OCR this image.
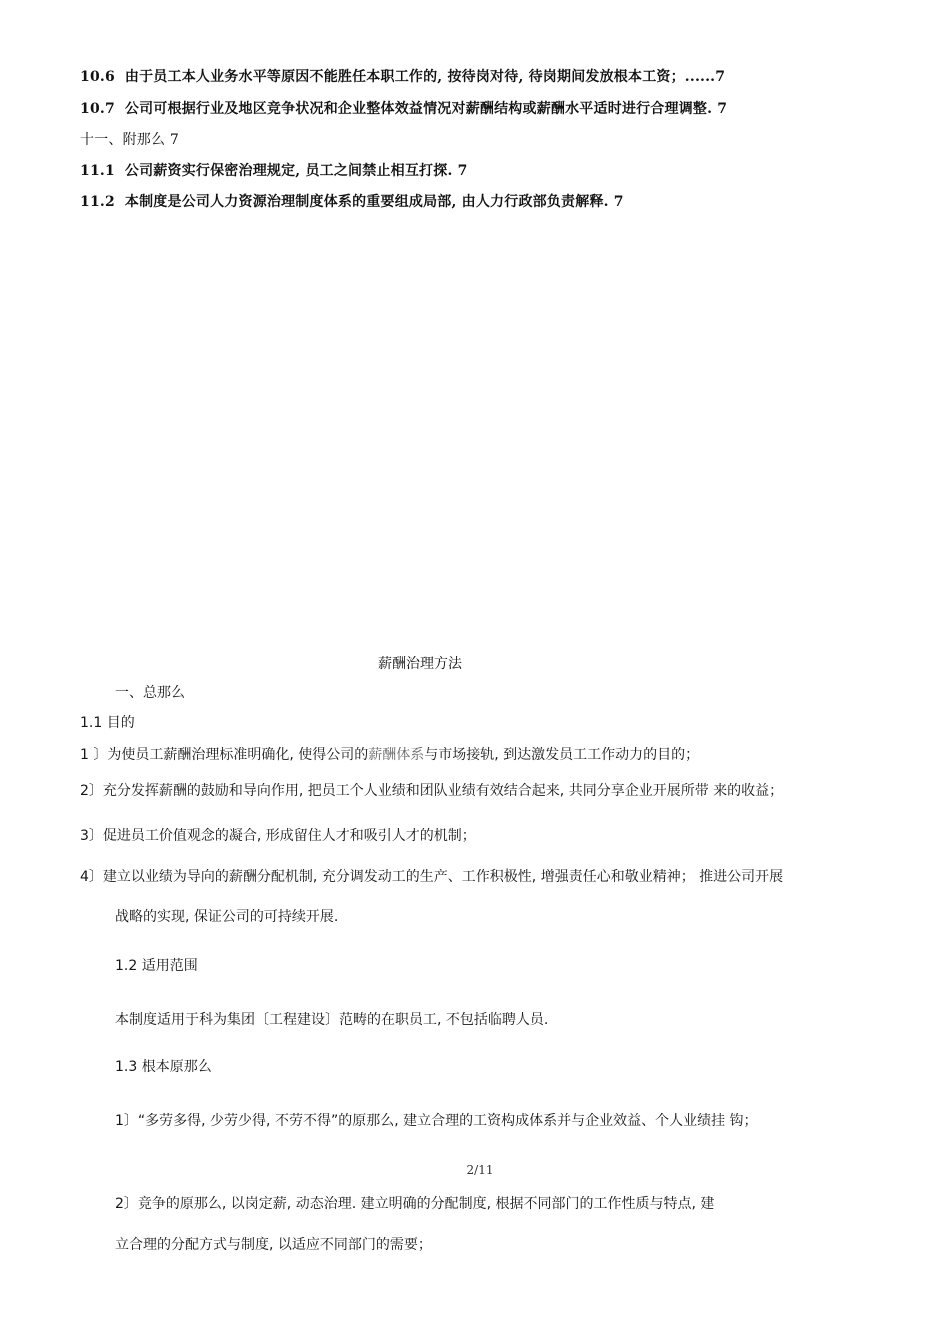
10.6 由于员工本人业务水平等原因不能胜任本职工作的, 按待岗对待, 待岗期间发放根本工资；......7
10.7 公司可根据行业及地区竞争状况和企业整体效益情况对薪酬结构或薪酬水平适时进行合理调整. 7
十一、附那么 7
11.1 公司薪资实行保密治理规定, 员工之间禁止相互打探. 7
11.2 本制度是公司人力资源治理制度体系的重要组成局部, 由人力行政部负责解释. 7
薪酬治理方法
一、总那么
1.1 目的
1 〕为使员工薪酬治理标准明确化, 使得公司的薪酬体系与市场接轨, 到达激发员工工作动力的目的；
2〕充分发挥薪酬的鼓励和导向作用, 把员工个人业绩和团队业绩有效结合起来, 共同分享企业开展所带 来的收益；
3〕促进员工价值观念的凝合, 形成留住人才和吸引人才的机制；
4〕建立以业绩为导向的薪酬分配机制, 充分调发动工的生产、工作积极性, 增强责任心和敬业精神； 推进公司开展
战略的实现, 保证公司的可持续开展.
1.2 适用范围
本制度适用于科为集团〔工程建设〕范畴的在职员工, 不包括临聘人员.
1.3 根本原那么
1〕“多劳多得, 少劳少得, 不劳不得”的原那么, 建立合理的工资构成体系并与企业效益、个人业绩挂 钩；
2/11
2〕竞争的原那么, 以岗定薪, 动态治理. 建立明确的分配制度, 根据不同部门的工作性质与特点, 建
立合理的分配方式与制度, 以适应不同部门的需要；
